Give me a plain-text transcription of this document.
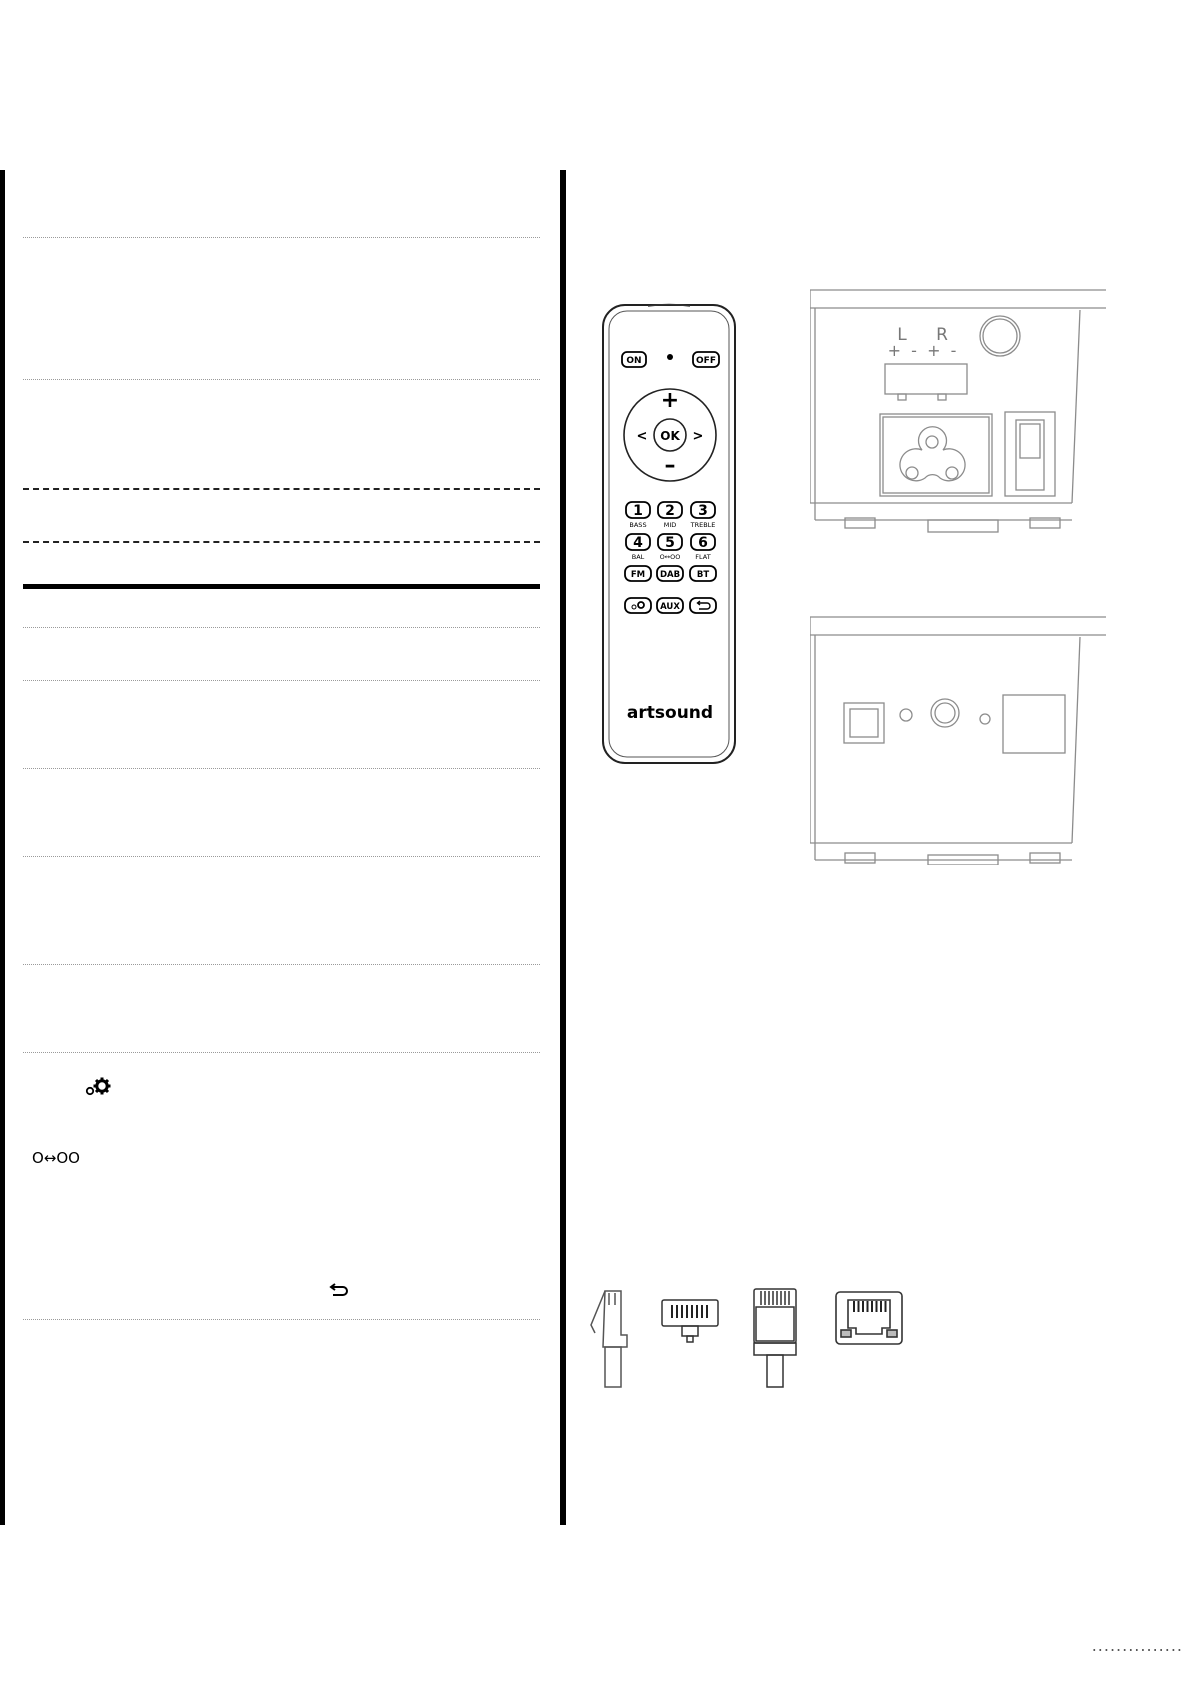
O↔OO
ON	OFF
OK
+
–
<	>
1
BASS
2
MID
3
TREBLE
4
BAL
5
O↔OO
6
FLAT
FM DAB BT
AUX
artsound
L R
+  -  +  -
...............
